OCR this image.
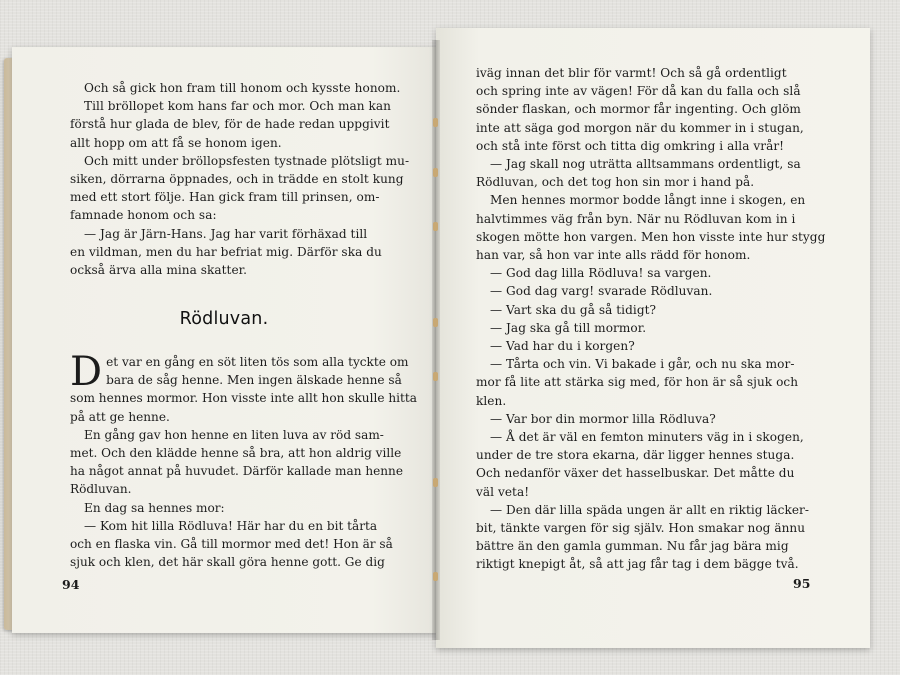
Och så gick hon fram till honom och kysste honom.

Till bröllopet kom hans far och mor. Och man kan

förstå hur glada de blev, för de hade redan uppgivit

allt hopp om att få se honom igen.

Och mitt under bröllopsfesten tystnade plötsligt mu-

siken, dörrarna öppnades, och in trädde en stolt kung

med ett stort följe. Han gick fram till prinsen, om-

famnade honom och sa:

— Jag är Järn-Hans. Jag har varit förhäxad till

en vildman, men du har befriat mig. Därför ska du

också ärva alla mina skatter.

Rödluvan.
D et var en gång en söt liten tös som alla tyckte om

bara de såg henne. Men ingen älskade henne så

som hennes mormor. Hon visste inte allt hon skulle hitta

på att ge henne.

En gång gav hon henne en liten luva av röd sam-

met. Och den klädde henne så bra, att hon aldrig ville

ha något annat på huvudet. Därför kallade man henne

Rödluvan.

En dag sa hennes mor:

— Kom hit lilla Rödluva! Här har du en bit tårta

och en flaska vin. Gå till mormor med det! Hon är så

sjuk och klen, det här skall göra henne gott. Ge dig

94

iväg innan det blir för varmt! Och så gå ordentligt

och spring inte av vägen! För då kan du falla och slå

sönder flaskan, och mormor får ingenting. Och glöm

inte att säga god morgon när du kommer in i stugan,

och stå inte först och titta dig omkring i alla vrår!

— Jag skall nog uträtta alltsammans ordentligt, sa

Rödluvan, och det tog hon sin mor i hand på.

Men hennes mormor bodde långt inne i skogen, en

halvtimmes väg från byn. När nu Rödluvan kom in i

skogen mötte hon vargen. Men hon visste inte hur stygg

han var, så hon var inte alls rädd för honom.

— God dag lilla Rödluva! sa vargen.

— God dag varg! svarade Rödluvan.

— Vart ska du gå så tidigt?

— Jag ska gå till mormor.

— Vad har du i korgen?

— Tårta och vin. Vi bakade i går, och nu ska mor-

mor få lite att stärka sig med, för hon är så sjuk och

klen.

— Var bor din mormor lilla Rödluva?

— Å det är väl en femton minuters väg in i skogen,

under de tre stora ekarna, där ligger hennes stuga.

Och nedanför växer det hasselbuskar. Det måtte du

väl veta!

— Den där lilla späda ungen är allt en riktig läcker-

bit, tänkte vargen för sig själv. Hon smakar nog ännu

bättre än den gamla gumman. Nu får jag bära mig

riktigt knepigt åt, så att jag får tag i dem bägge två.

95
